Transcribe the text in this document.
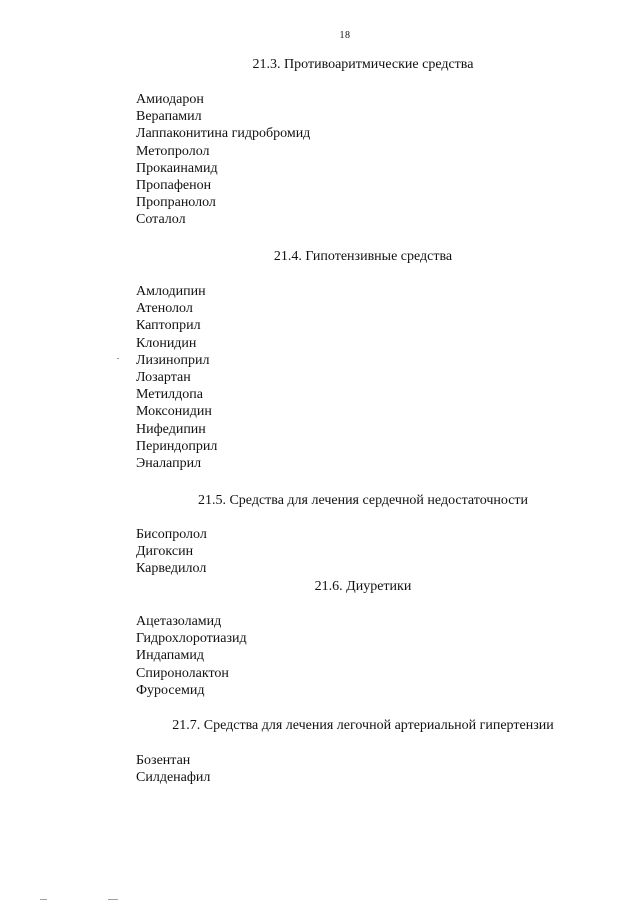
18
21.3. Противоаритмические средства
Амиодарон
Верапамил
Лаппаконитина гидробромид
Метопролол
Прокаинамид
Пропафенон
Пропранолол
Соталол
21.4. Гипотензивные средства
Амлодипин
Атенолол
Каптоприл
Клонидин
Лизиноприл
Лозартан
Метилдопа
Моксонидин
Нифедипин
Периндоприл
Эналаприл
21.5. Средства для лечения сердечной недостаточности
Бисопролол
Дигоксин
Карведилол
21.6. Диуретики
Ацетазоламид
Гидрохлоротиазид
Индапамид
Спиронолактон
Фуросемид
21.7. Средства для лечения легочной артериальной гипертензии
Бозентан
Силденафил
